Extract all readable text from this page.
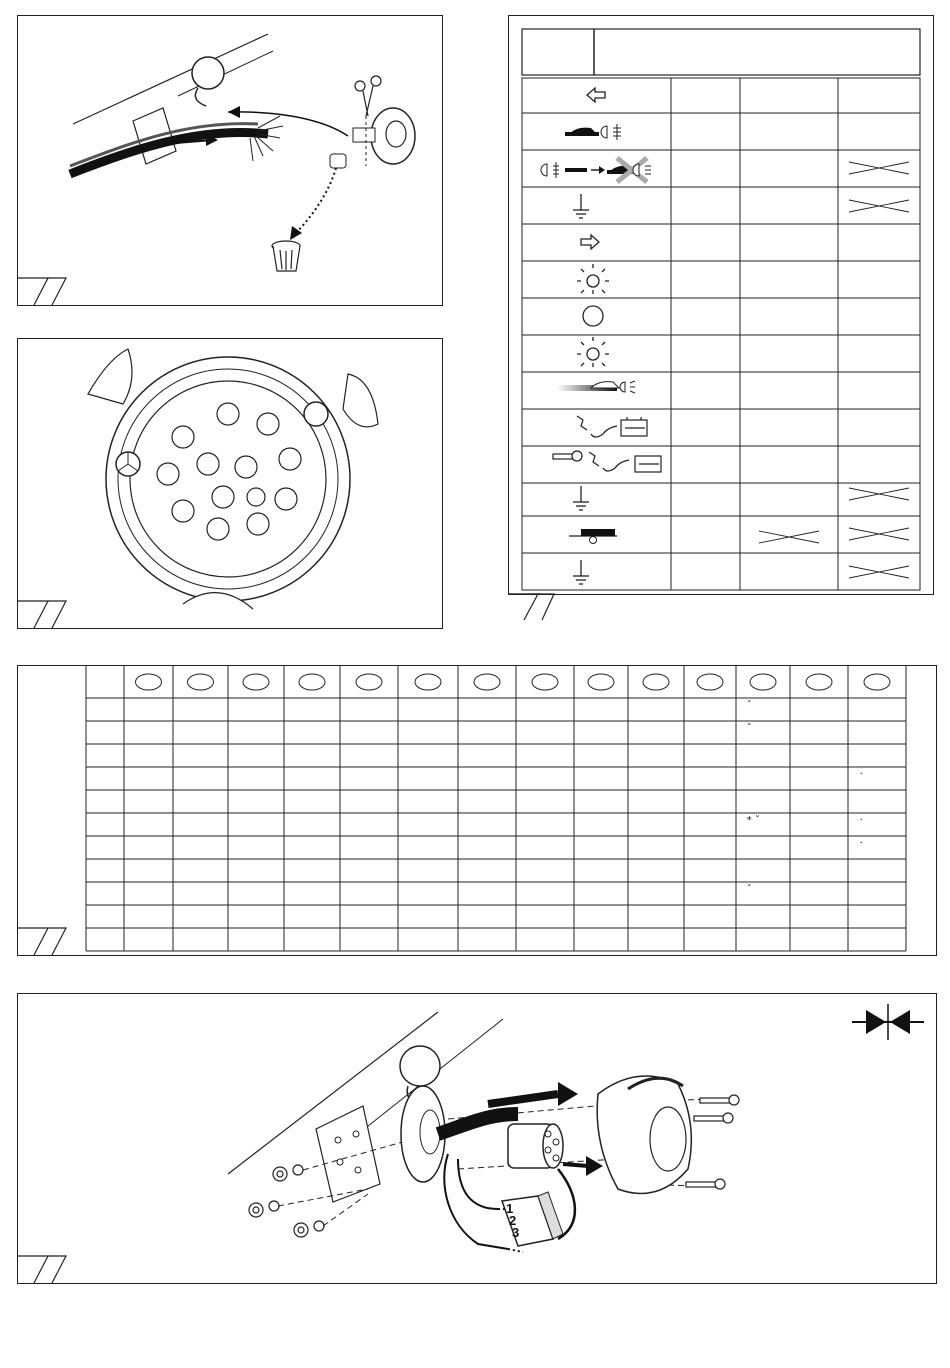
ˇ
ˇ
·
* ˇ	·
·
ˇ
1
2
3
